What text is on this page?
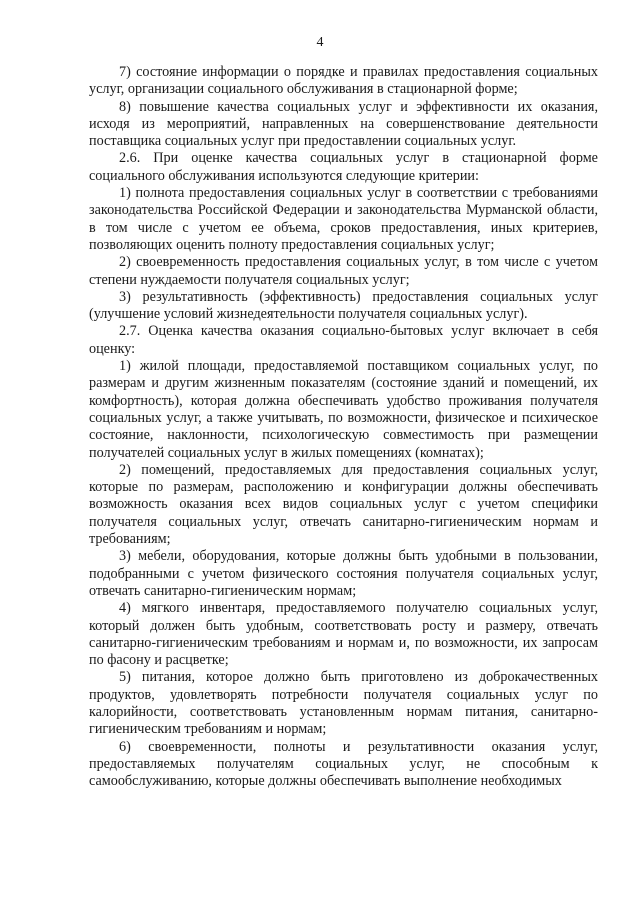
4

7) состояние информации о порядке и правилах предоставления социальных услуг, организации социального обслуживания в стационарной форме;

8) повышение качества социальных услуг и эффективности их оказания, исходя из мероприятий, направленных на совершенствование деятельности поставщика социальных услуг при предоставлении социальных услуг.

2.6. При оценке качества социальных услуг в стационарной форме социального обслуживания используются следующие критерии:

1) полнота предоставления социальных услуг в соответствии с требованиями законодательства Российской Федерации и законодательства Мурманской области, в том числе с учетом ее объема, сроков предоставления, иных критериев, позволяющих оценить полноту предоставления социальных услуг;

2) своевременность предоставления социальных услуг, в том числе с учетом степени нуждаемости получателя социальных услуг;

3) результативность (эффективность) предоставления социальных услуг (улучшение условий жизнедеятельности получателя социальных услуг).

2.7. Оценка качества оказания социально-бытовых услуг включает в себя оценку:

1) жилой площади, предоставляемой поставщиком социальных услуг, по размерам и другим жизненным показателям (состояние зданий и помещений, их комфортность), которая должна обеспечивать удобство проживания получателя социальных услуг, а также учитывать, по возможности, физическое и психическое состояние, наклонности, психологическую совместимость при размещении получателей социальных услуг в жилых помещениях (комнатах);

2) помещений, предоставляемых для предоставления социальных услуг, которые по размерам, расположению и конфигурации должны обеспечивать возможность оказания всех видов социальных услуг с учетом специфики получателя социальных услуг, отвечать санитарно-гигиеническим нормам и требованиям;

3) мебели, оборудования, которые должны быть удобными в пользовании, подобранными с учетом физического состояния получателя социальных услуг, отвечать санитарно-гигиеническим нормам;

4) мягкого инвентаря, предоставляемого получателю социальных услуг, который должен быть удобным, соответствовать росту и размеру, отвечать санитарно-гигиеническим требованиям и нормам и, по возможности, их запросам по фасону и расцветке;

5) питания, которое должно быть приготовлено из доброкачественных продуктов, удовлетворять потребности получателя социальных услуг по калорийности, соответствовать установленным нормам питания, санитарно-гигиеническим требованиям и нормам;

6) своевременности, полноты и результативности оказания услуг, предоставляемых получателям социальных услуг, не способным к самообслуживанию, которые должны обеспечивать выполнение необходимых
